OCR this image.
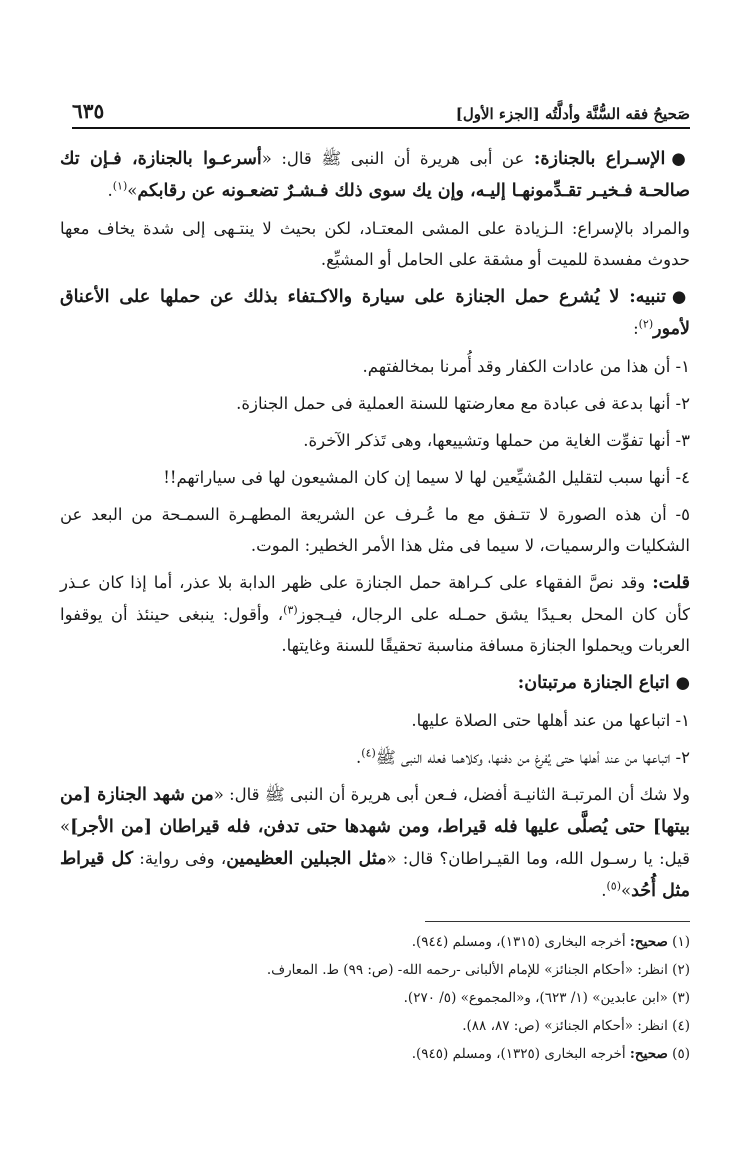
صَحيحُ فقه السُّنَّة وأدلَّتُه [الجزء الأول]
٦٣٥

●الإسـراع بالجنازة: عن أبى هريرة أن النبى ﷺ قال: «أسرعـوا بالجنازة، فـإن تك صالحـة فـخيـر تقـدِّمونهـا إليـه، وإن يك سوى ذلك فـشـرٌ تضعـونه عن رقابكم»$^{(١)}$.

والمراد بالإسراع: الـزيادة على المشى المعتـاد، لكن بحيث لا ينتـهى إلى شدة يخاف معها حدوث مفسدة للميت أو مشقة على الحامل أو المشيِّع.

●تنبيه: لا يُشرع حمل الجنازة على سيارة والاكـتفاء بذلك عن حملها على الأعناق لأمور$^{(٢)}$:

١- أن هذا من عادات الكفار وقد أُمرنا بمخالفتهم.

٢- أنها بدعة فى عبادة مع معارضتها للسنة العملية فى حمل الجنازة.

٣- أنها تفوِّت الغاية من حملها وتشييعها، وهى تَذكر الآخرة.

٤- أنها سبب لتقليل المُشيِّعين لها لا سيما إن كان المشيعون لها فى سياراتهم!!

٥- أن هذه الصورة لا تتـفق مع ما عُـرف عن الشريعة المطهـرة السمـحة من البعد عن الشكليات والرسميات، لا سيما فى مثل هذا الأمر الخطير: الموت.

قلت: وقد نصَّ الفقهاء على كـراهة حمل الجنازة على ظهر الدابة بلا عذر، أما إذا كان عـذر كأن كان المحل بعـيدًا يشق حمـله على الرجال، فيـجوز$^{(٣)}$، وأقول: ينبغى حينئذ أن يوقفوا العربات ويحملوا الجنازة مسافة مناسبة تحقيقًا للسنة وغايتها.

●اتباع الجنازة مرتبتان:

١- اتباعها من عند أهلها حتى الصلاة عليها.

٢- اتباعها من عند أهلها حتى يُفرغ من دفنها، وكلاهما فعله النبى ﷺ$^{(٤)}$.

ولا شك أن المرتبـة الثانيـة أفضل، فـعن أبى هريرة أن النبى ﷺ قال: «من شهد الجنازة [من بيتها] حتى يُصلَّى عليها فله قيراط، ومن شهدها حتى تدفن، فله قيراطان [من الأجر]» قيل: يا رسـول الله، وما القيـراطان؟ قال: «مثل الجبلين العظيمين، وفى رواية: كل قيراط مثل أُحُد»$^{(٥)}$.

(١) صحيح: أخرجه البخارى (١٣١٥)، ومسلم (٩٤٤).

(٢) انظر: «أحكام الجنائز» للإمام الألبانى -رحمه الله- (ص: ٩٩) ط. المعارف.

(٣) «ابن عابدين» (١/ ٦٢٣)، و«المجموع» (٥/ ٢٧٠).

(٤) انظر: «أحكام الجنائز» (ص: ٨٧، ٨٨).

(٥) صحيح: أخرجه البخارى (١٣٢٥)، ومسلم (٩٤٥).
